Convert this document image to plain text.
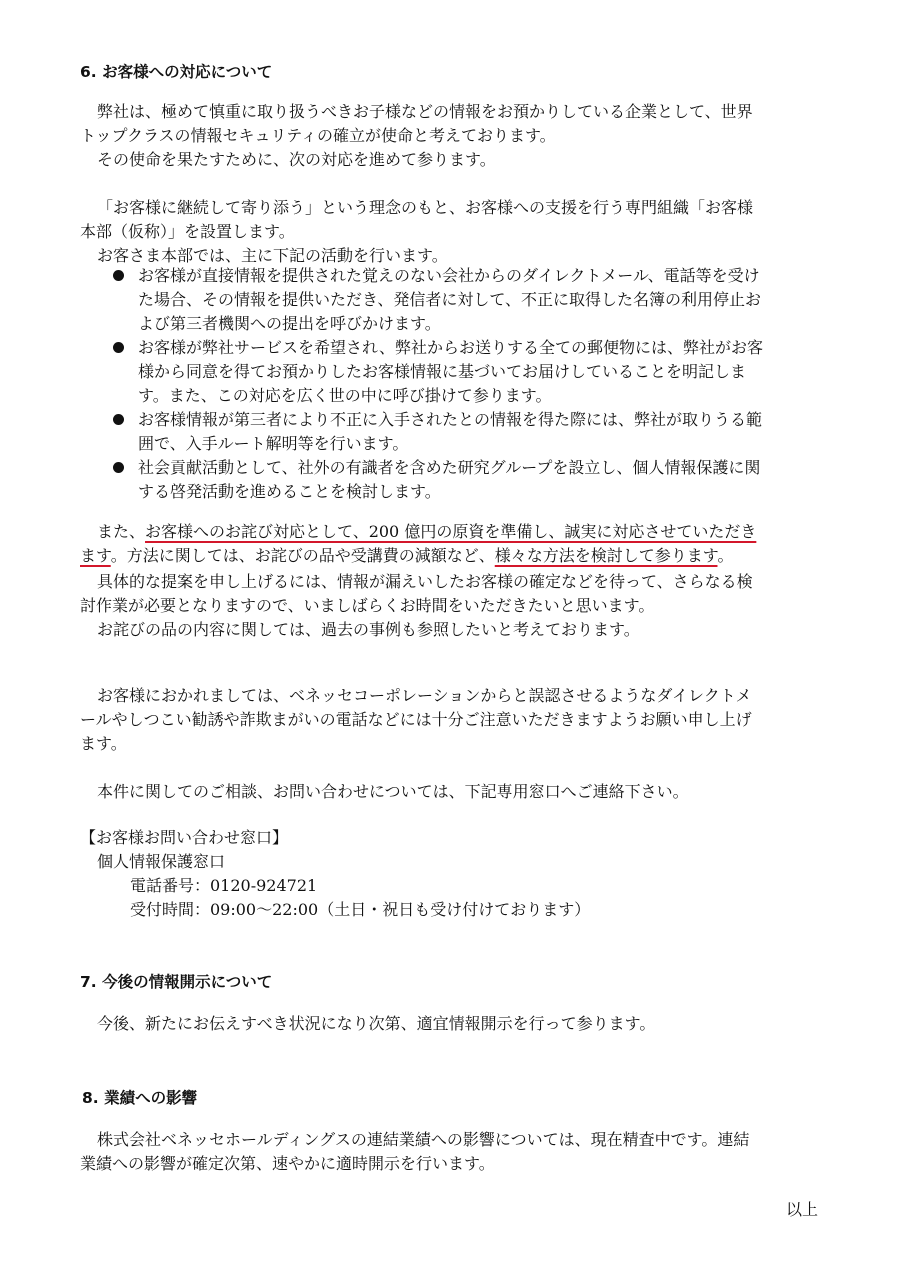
6. お客様への対応について

弊社は、極めて慎重に取り扱うべきお子様などの情報をお預かりしている企業として、世界

トップクラスの情報セキュリティの確立が使命と考えております。

その使命を果たすために、次の対応を進めて参ります。

「お客様に継続して寄り添う」という理念のもと、お客様への支援を行う専門組織「お客様

本部（仮称）」を設置します。

お客さま本部では、主に下記の活動を行います。

お客様が直接情報を提供された覚えのない会社からのダイレクトメール、電話等を受け

た場合、その情報を提供いただき、発信者に対して、不正に取得した名簿の利用停止お

よび第三者機関への提出を呼びかけます。

お客様が弊社サービスを希望され、弊社からお送りする全ての郵便物には、弊社がお客

様から同意を得てお預かりしたお客様情報に基づいてお届けしていることを明記しま

す。また、この対応を広く世の中に呼び掛けて参ります。

お客様情報が第三者により不正に入手されたとの情報を得た際には、弊社が取りうる範

囲で、入手ルート解明等を行います。

社会貢献活動として、社外の有識者を含めた研究グループを設立し、個人情報保護に関

する啓発活動を進めることを検討します。

また、お客様へのお詫び対応として、200 億円の原資を準備し、誠実に対応させていただき

ます。方法に関しては、お詫びの品や受講費の減額など、様々な方法を検討して参ります。

具体的な提案を申し上げるには、情報が漏えいしたお客様の確定などを待って、さらなる検

討作業が必要となりますので、いましばらくお時間をいただきたいと思います。

お詫びの品の内容に関しては、過去の事例も参照したいと考えております。

お客様におかれましては、ベネッセコーポレーションからと誤認させるようなダイレクトメ

ールやしつこい勧誘や詐欺まがいの電話などには十分ご注意いただきますようお願い申し上げ

ます。

本件に関してのご相談、お問い合わせについては、下記専用窓口へご連絡下さい。

【お客様お問い合わせ窓口】

個人情報保護窓口

電話番号：0120-924721

受付時間：09:00〜22:00（土日・祝日も受け付けております）

7. 今後の情報開示について

今後、新たにお伝えすべき状況になり次第、適宜情報開示を行って参ります。

8. 業績への影響

株式会社ベネッセホールディングスの連結業績への影響については、現在精査中です。連結

業績への影響が確定次第、速やかに適時開示を行います。

以上
